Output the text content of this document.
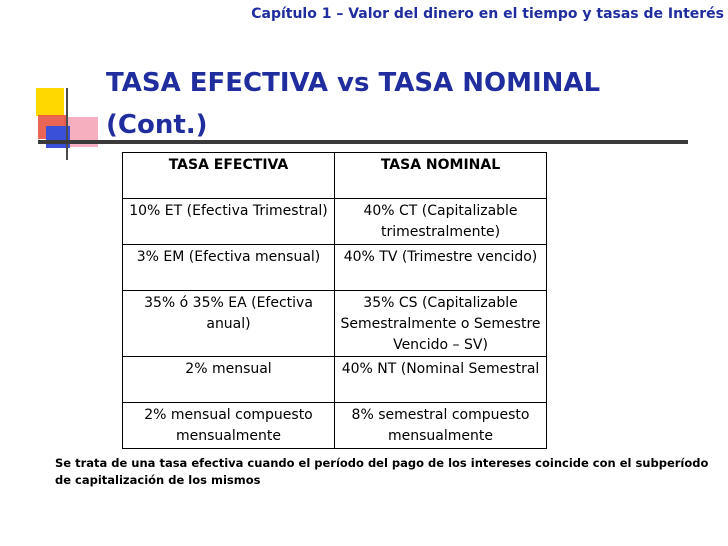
Capítulo 1 – Valor del dinero en el tiempo y tasas de Interés
TASA EFECTIVA vs TASA NOMINAL
(Cont.)
TASA EFECTIVA	TASA NOMINAL
10% ET (Efectiva Trimestral)	40% CT (Capitalizable trimestralmente)
3% EM (Efectiva mensual)	40% TV (Trimestre vencido)
35% ó 35% EA (Efectiva anual)	35% CS (Capitalizable Semestralmente o Semestre Vencido – SV)
2% mensual	40% NT (Nominal Semestral
2% mensual compuesto mensualmente	8% semestral compuesto mensualmente
Se trata de una tasa efectiva cuando el período del pago de los intereses coincide con el subperíodo de capitalización de los mismos
